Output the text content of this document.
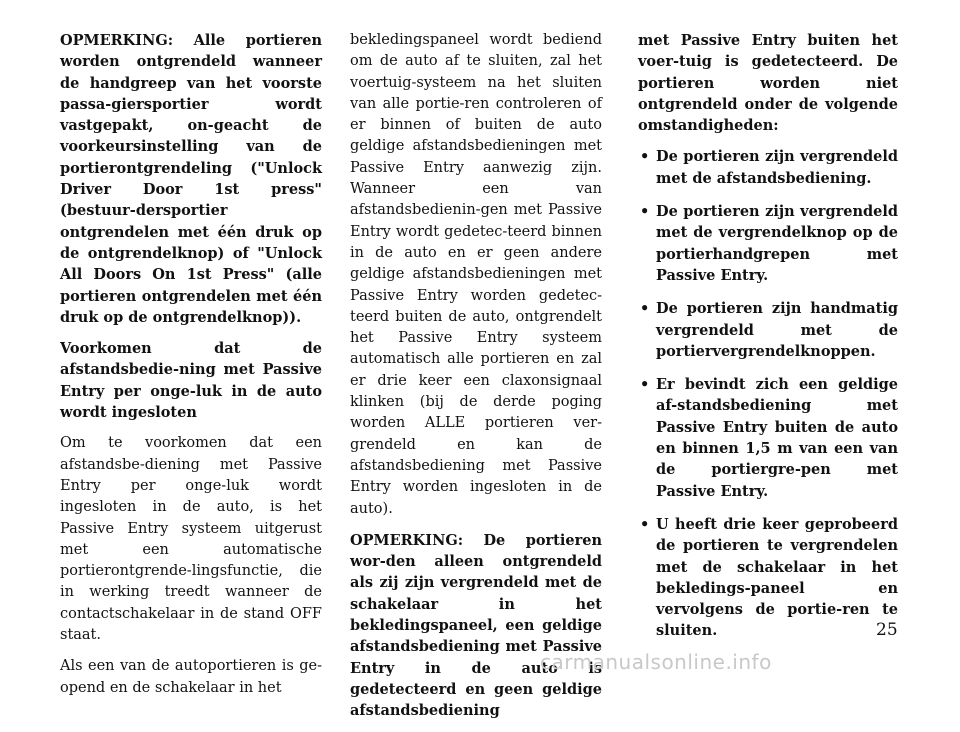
OPMERKING: Alle portieren worden ontgrendeld wanneer de handgreep van het voorste passa-giersportier wordt vastgepakt, on-geacht de voorkeursinstelling van de portierontgrendeling ("Unlock Driver Door 1st press" (bestuur-dersportier ontgrendelen met één druk op de ontgrendelknop) of "Unlock All Doors On 1st Press" (alle portieren ontgrendelen met één druk op de ontgrendelknop)).

Voorkomen dat de afstandsbedie-ning met Passive Entry per onge-luk in de auto wordt ingesloten

Om te voorkomen dat een afstandsbe-diening met Passive Entry per onge-luk wordt ingesloten in de auto, is het Passive Entry systeem uitgerust met een automatische portierontgrende-lingsfunctie, die in werking treedt wanneer de contactschakelaar in de stand OFF staat.

Als een van de autoportieren is ge-opend en de schakelaar in het

bekledingspaneel wordt bediend om de auto af te sluiten, zal het voertuig-systeem na het sluiten van alle portie-ren controleren of er binnen of buiten de auto geldige afstandsbedieningen met Passive Entry aanwezig zijn. Wanneer een van afstandsbedienin-gen met Passive Entry wordt gedetec-teerd binnen in de auto en er geen andere geldige afstandsbedieningen met Passive Entry worden gedetec-teerd buiten de auto, ontgrendelt het Passive Entry systeem automatisch alle portieren en zal er drie keer een claxonsignaal klinken (bij de derde poging worden ALLE portieren ver-grendeld en kan de afstandsbediening met Passive Entry worden ingesloten in de auto).

OPMERKING: De portieren wor-den alleen ontgrendeld als zij zijn vergrendeld met de schakelaar in het bekledingspaneel, een geldige afstandsbediening met Passive Entry in de auto is gedetecteerd en geen geldige afstandsbediening

met Passive Entry buiten het voer-tuig is gedetecteerd. De portieren worden niet ontgrendeld onder de volgende omstandigheden:

• De portieren zijn vergrendeld met de afstandsbediening.
• De portieren zijn vergrendeld met de vergrendelknop op de portierhandgrepen met Passive Entry.
• De portieren zijn handmatig vergrendeld met de portiervergrendelknoppen.
• Er bevindt zich een geldige af-standsbediening met Passive Entry buiten de auto en binnen 1,5 m van een van de portiergre-pen met Passive Entry.
• U heeft drie keer geprobeerd de portieren te vergrendelen met de schakelaar in het bekledings-paneel en vervolgens de portie-ren te sluiten.	25
carmanualsonline.info
